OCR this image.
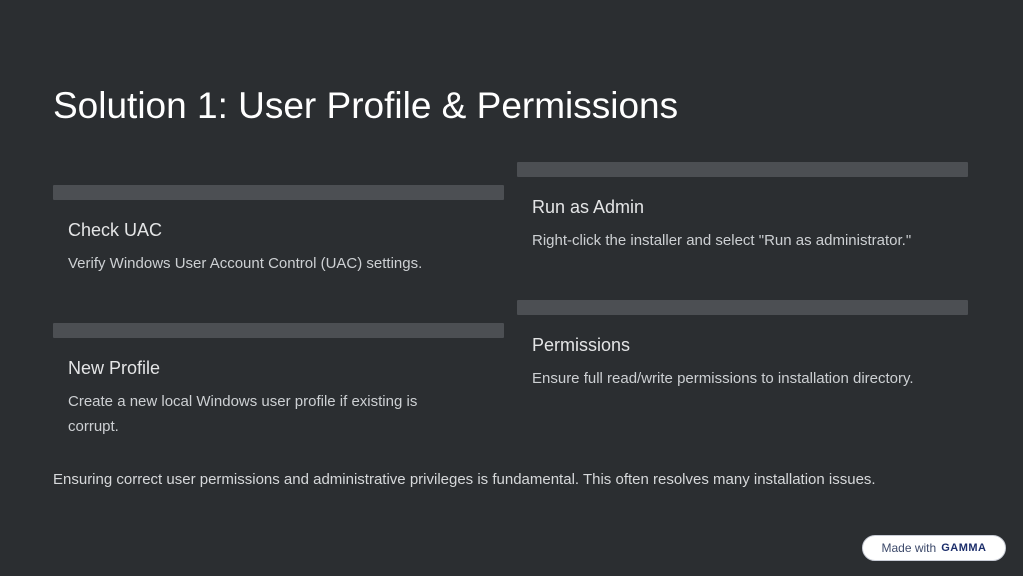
Solution 1: User Profile & Permissions
Check UAC

Verify Windows User Account Control (UAC) settings.

Run as Admin

Right-click the installer and select "Run as administrator."

New Profile

Create a new local Windows user profile if existing is corrupt.

Permissions

Ensure full read/write permissions to installation directory.

Ensuring correct user permissions and administrative privileges is fundamental. This often resolves many installation issues.

Made with GAMMA
